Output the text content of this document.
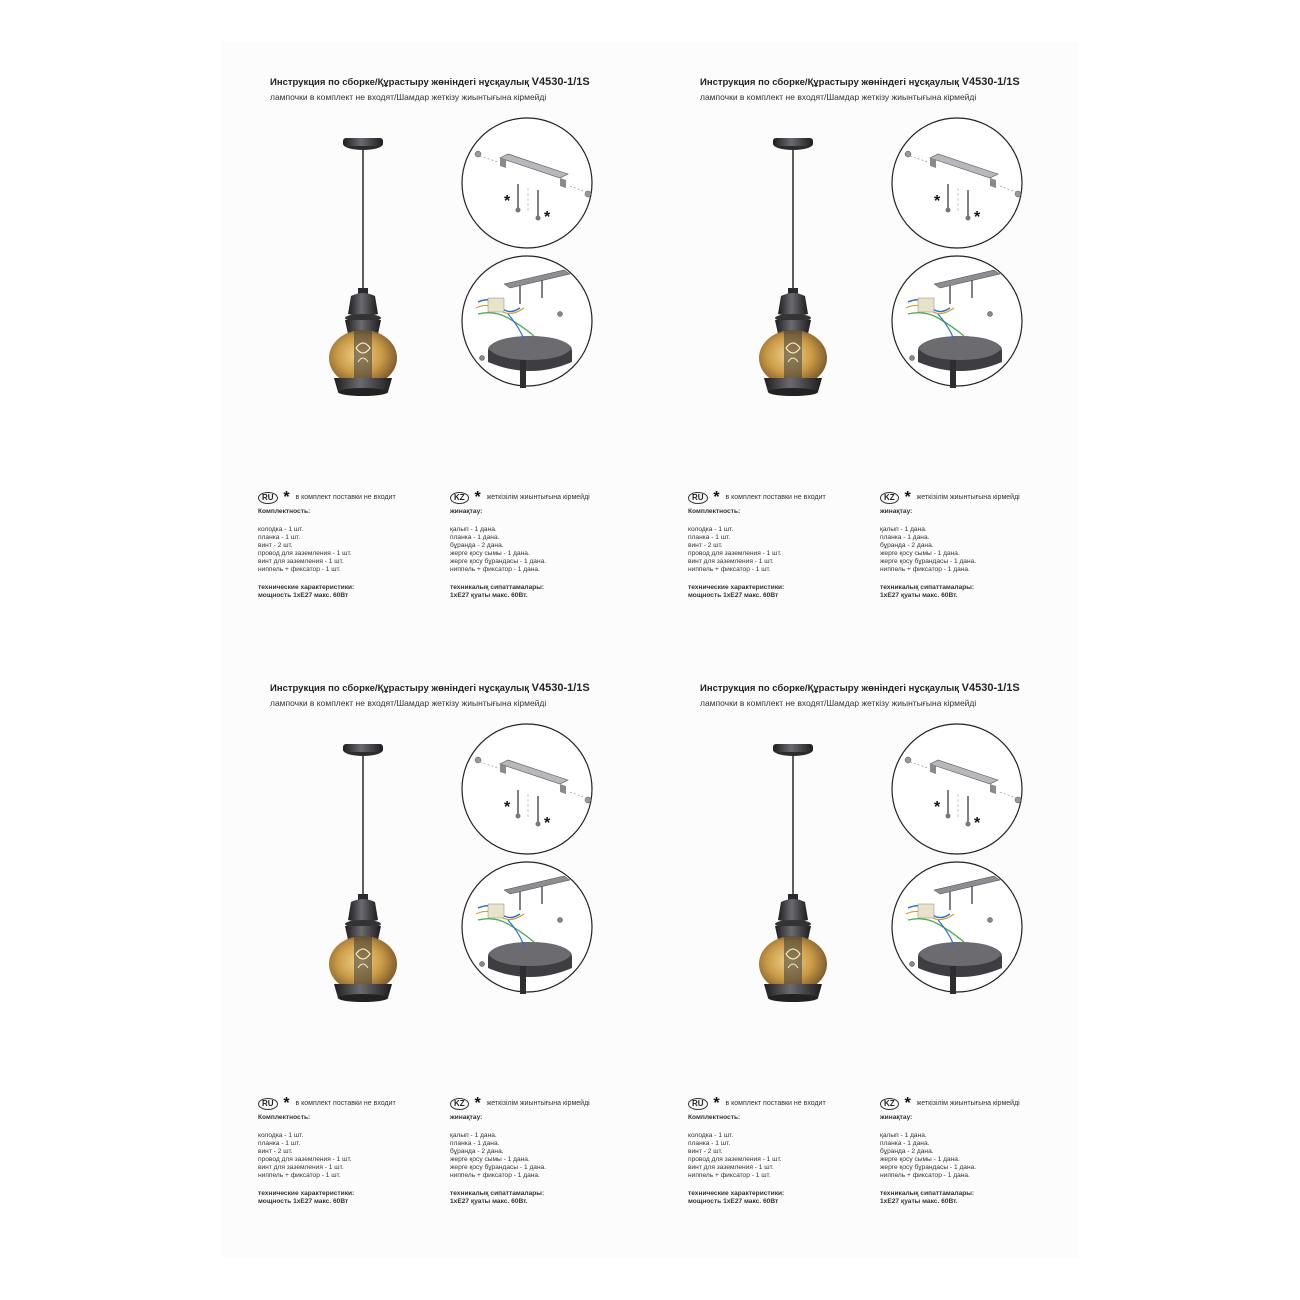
Инструкция по сборке/Құрастыру жөніндегі нұсқаулық V4530-1/1S
лампочки в комплект не входят/Шамдар жеткізу жиынтығына кірмейді
*
*
RU * в комплект поставки не входит
Комплектность:
колодка - 1 шт.
планка - 1 шт.
винт - 2 шт.
провод для заземления - 1 шт.
винт для заземления - 1 шт.
ниппель + фиксатор - 1 шт.
технические характеристики:
мощность 1xE27 макс. 60Вт
KZ * жеткізілім жиынтығына кірмейді
жинақтау:
қалып - 1 дана.
планка - 1 дана.
бұранда - 2 дана.
жерге қосу сымы - 1 дана.
жерге қосу бұрандасы - 1 дана.
ниппель + фиксатор - 1 дана.
техникалық сипаттамалары:
1xE27 қуаты макс. 60Вт.
Инструкция по сборке/Құрастыру жөніндегі нұсқаулық V4530-1/1S
лампочки в комплект не входят/Шамдар жеткізу жиынтығына кірмейді
*
*
RU * в комплект поставки не входит
Комплектность:
колодка - 1 шт.
планка - 1 шт.
винт - 2 шт.
провод для заземления - 1 шт.
винт для заземления - 1 шт.
ниппель + фиксатор - 1 шт.
технические характеристики:
мощность 1xE27 макс. 60Вт
KZ * жеткізілім жиынтығына кірмейді
жинақтау:
қалып - 1 дана.
планка - 1 дана.
бұранда - 2 дана.
жерге қосу сымы - 1 дана.
жерге қосу бұрандасы - 1 дана.
ниппель + фиксатор - 1 дана.
техникалық сипаттамалары:
1xE27 қуаты макс. 60Вт.
Инструкция по сборке/Құрастыру жөніндегі нұсқаулық V4530-1/1S
лампочки в комплект не входят/Шамдар жеткізу жиынтығына кірмейді
*
*
RU * в комплект поставки не входит
Комплектность:
колодка - 1 шт.
планка - 1 шт.
винт - 2 шт.
провод для заземления - 1 шт.
винт для заземления - 1 шт.
ниппель + фиксатор - 1 шт.
технические характеристики:
мощность 1xE27 макс. 60Вт
KZ * жеткізілім жиынтығына кірмейді
жинақтау:
қалып - 1 дана.
планка - 1 дана.
бұранда - 2 дана.
жерге қосу сымы - 1 дана.
жерге қосу бұрандасы - 1 дана.
ниппель + фиксатор - 1 дана.
техникалық сипаттамалары:
1xE27 қуаты макс. 60Вт.
Инструкция по сборке/Құрастыру жөніндегі нұсқаулық V4530-1/1S
лампочки в комплект не входят/Шамдар жеткізу жиынтығына кірмейді
*
*
RU * в комплект поставки не входит
Комплектность:
колодка - 1 шт.
планка - 1 шт.
винт - 2 шт.
провод для заземления - 1 шт.
винт для заземления - 1 шт.
ниппель + фиксатор - 1 шт.
технические характеристики:
мощность 1xE27 макс. 60Вт
KZ * жеткізілім жиынтығына кірмейді
жинақтау:
қалып - 1 дана.
планка - 1 дана.
бұранда - 2 дана.
жерге қосу сымы - 1 дана.
жерге қосу бұрандасы - 1 дана.
ниппель + фиксатор - 1 дана.
техникалық сипаттамалары:
1xE27 қуаты макс. 60Вт.
